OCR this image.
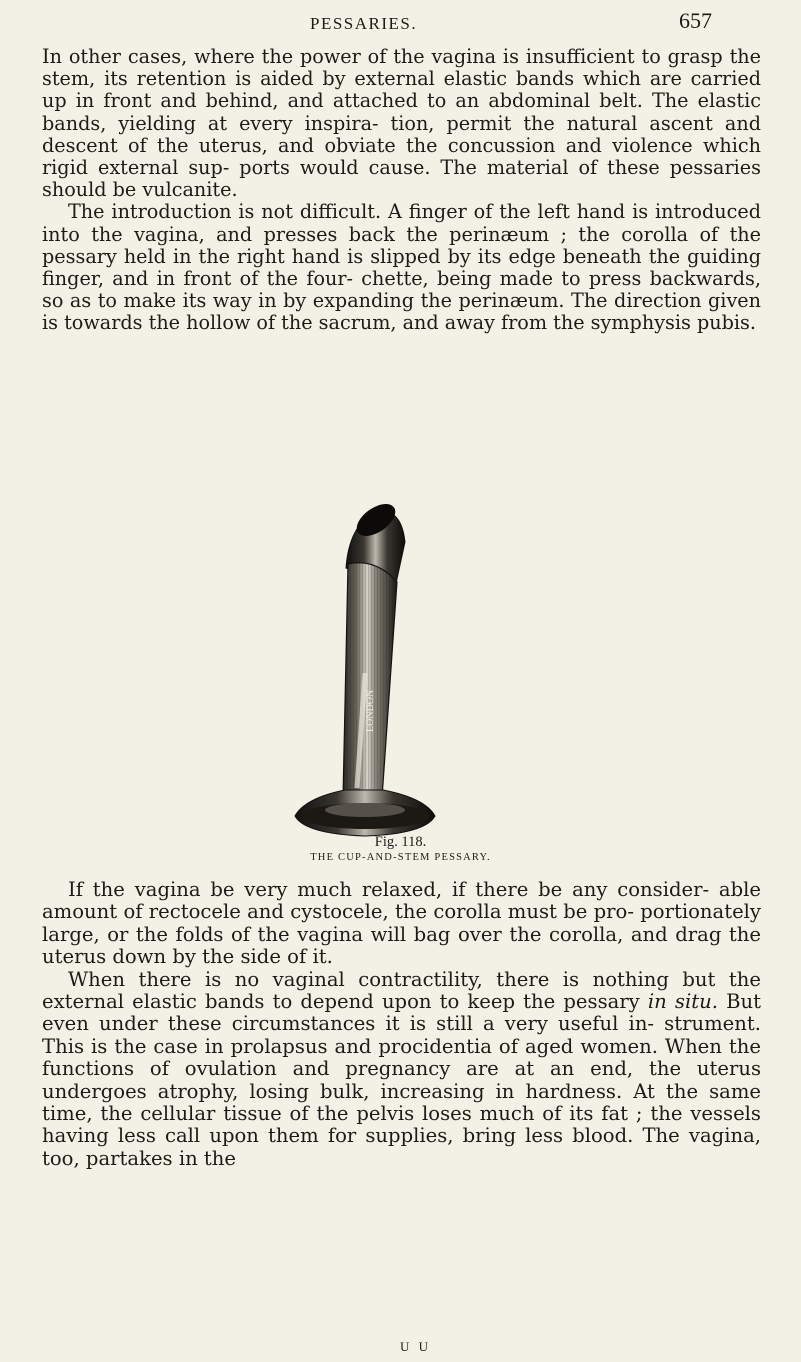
PESSARIES.	657

In other cases, where the power of the vagina is insufficient to grasp the stem, its retention is aided by external elastic bands which are carried up in front and behind, and attached to an abdominal belt. The elastic bands, yielding at every inspira- tion, permit the natural ascent and descent of the uterus, and obviate the concussion and violence which rigid external sup- ports would cause. The material of these pessaries should be vulcanite.

The introduction is not difficult. A finger of the left hand is introduced into the vagina, and presses back the perinæum ; the corolla of the pessary held in the right hand is slipped by its edge beneath the guiding finger, and in front of the four- chette, being made to press backwards, so as to make its way in by expanding the perinæum. The direction given is towards the hollow of the sacrum, and away from the symphysis pubis.

LONDON
Fig. 118.
THE CUP-AND-STEM PESSARY.

If the vagina be very much relaxed, if there be any consider- able amount of rectocele and cystocele, the corolla must be pro- portionately large, or the folds of the vagina will bag over the corolla, and drag the uterus down by the side of it.

When there is no vaginal contractility, there is nothing but the external elastic bands to depend upon to keep the pessary in situ. But even under these circumstances it is still a very useful in- strument. This is the case in prolapsus and procidentia of aged women. When the functions of ovulation and pregnancy are at an end, the uterus undergoes atrophy, losing bulk, increasing in hardness. At the same time, the cellular tissue of the pelvis loses much of its fat ; the vessels having less call upon them for supplies, bring less blood. The vagina, too, partakes in the

U U
